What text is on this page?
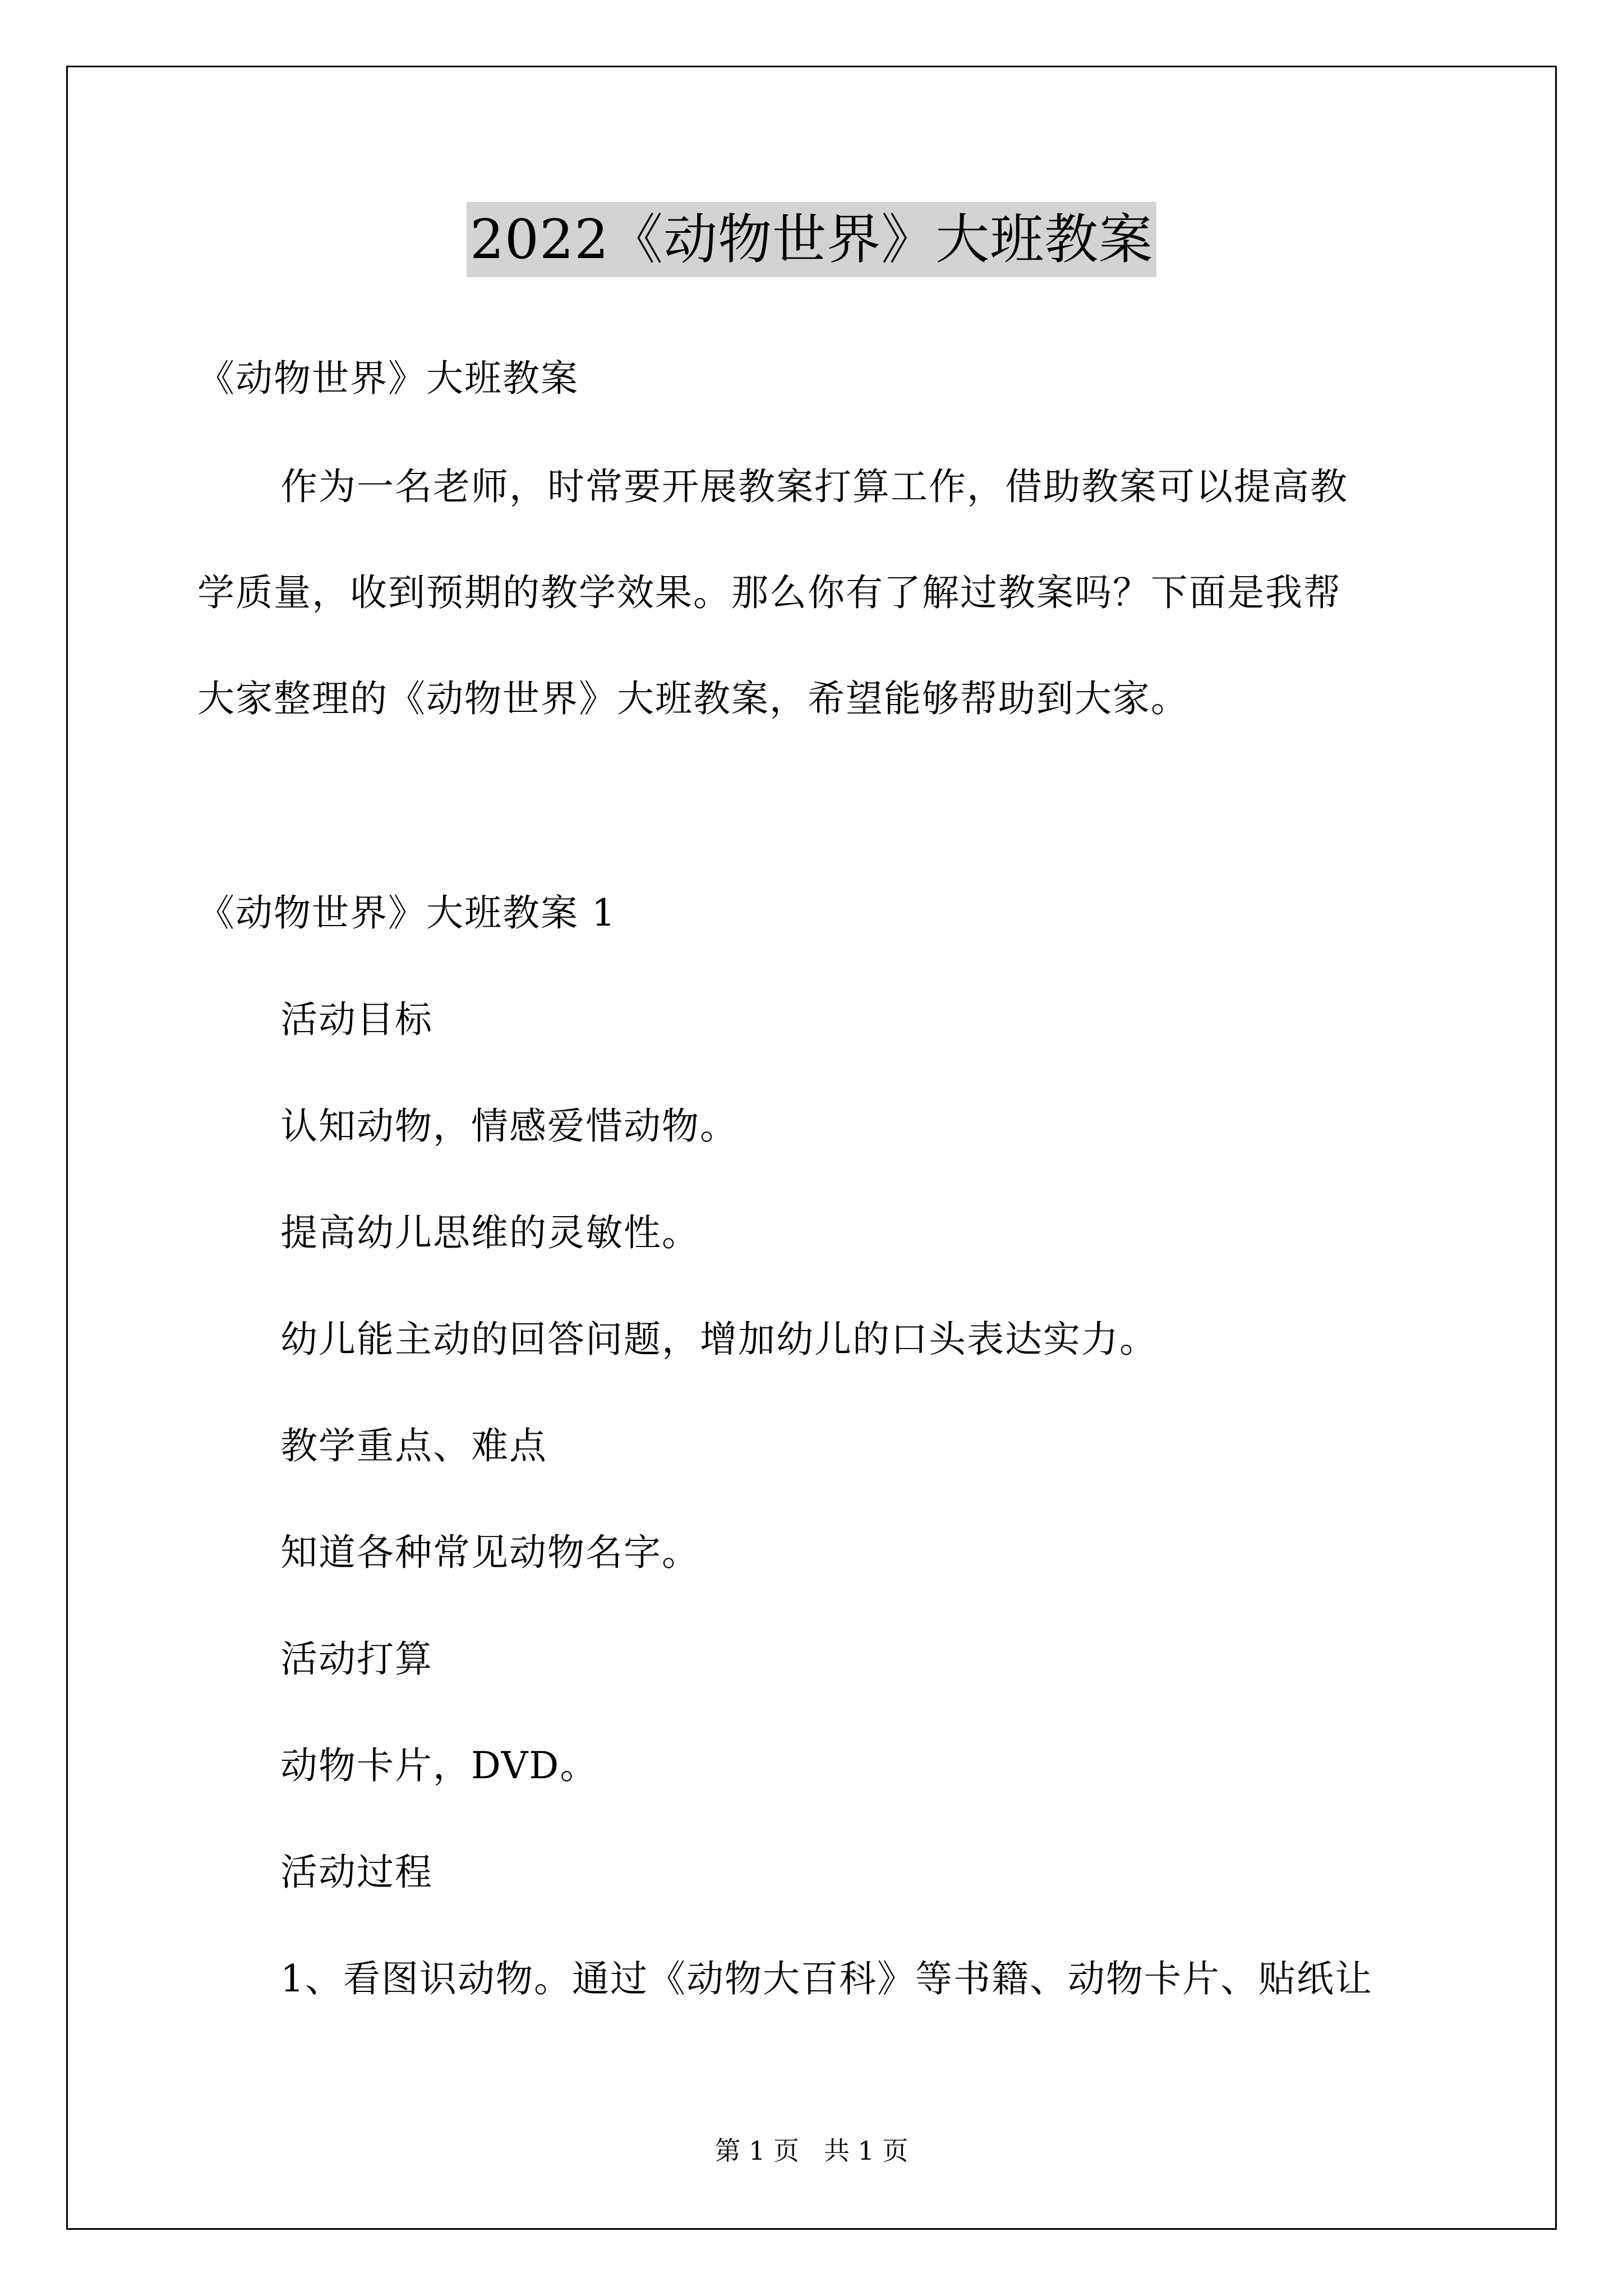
2022《动物世界》大班教案
《动物世界》大班教案
作为一名老师，时常要开展教案打算工作，借助教案可以提高教
学质量，收到预期的教学效果。那么你有了解过教案吗？下面是我帮
大家整理的《动物世界》大班教案，希望能够帮助到大家。
《动物世界》大班教案 1
活动目标
认知动物，情感爱惜动物。
提高幼儿思维的灵敏性。
幼儿能主动的回答问题，增加幼儿的口头表达实力。
教学重点、难点
知道各种常见动物名字。
活动打算
动物卡片，DVD。
活动过程
1、看图识动物。通过《动物大百科》等书籍、动物卡片、贴纸让
第 1 页   共 1 页
